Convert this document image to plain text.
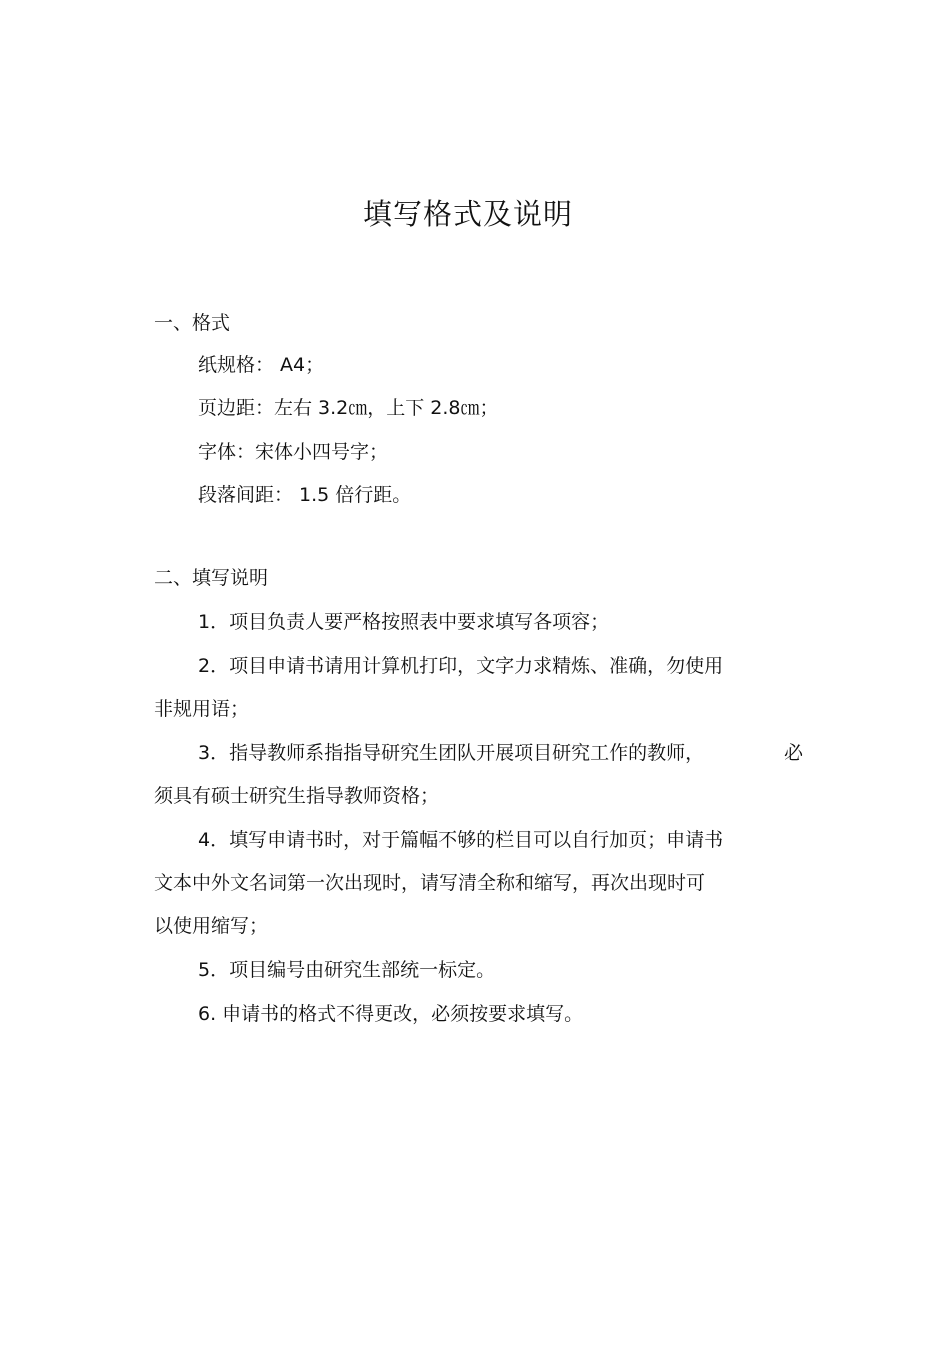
填写格式及说明
一、格式
纸规格： A4；
页边距：左右 3.2㎝，上下 2.8㎝；
字体：宋体小四号字；
段落间距： 1.5 倍行距。
二、填写说明
1．项目负责人要严格按照表中要求填写各项容；
2．项目申请书请用计算机打印，文字力求精炼、准确，勿使用
非规用语；
3．指导教师系指指导研究生团队开展项目研究工作的教师，	必
须具有硕士研究生指导教师资格；
4．填写申请书时，对于篇幅不够的栏目可以自行加页；申请书
文本中外文名词第一次出现时，请写清全称和缩写，再次出现时可
以使用缩写；
5．项目编号由研究生部统一标定。
6. 申请书的格式不得更改，必须按要求填写。
